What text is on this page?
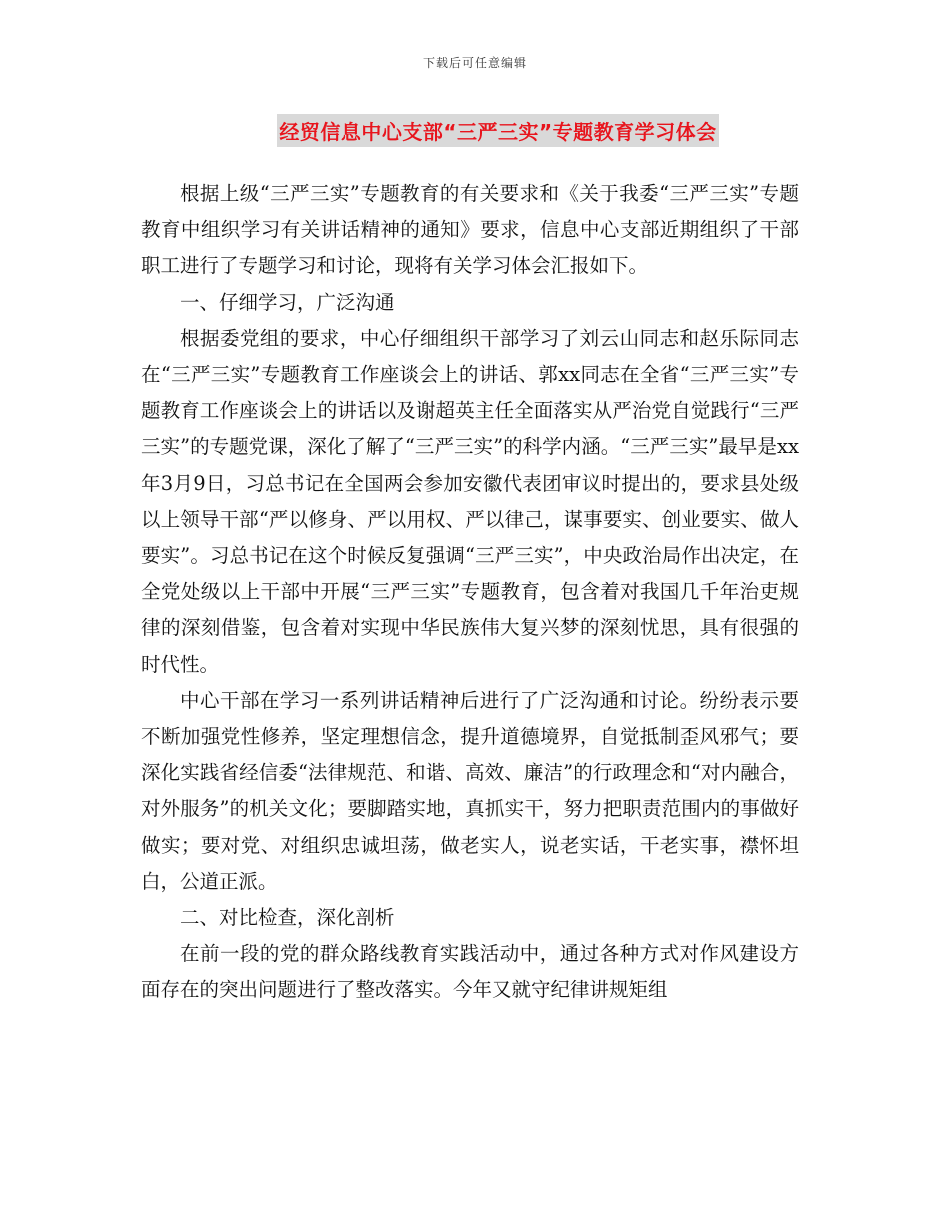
下载后可任意编辑
经贸信息中心支部“三严三实”专题教育学习体会

根据上级“三严三实”专题教育的有关要求和《关于我委“三严三实”专题教育中组织学习有关讲话精神的通知》要求，信息中心支部近期组织了干部职工进行了专题学习和讨论，现将有关学习体会汇报如下。

一、仔细学习，广泛沟通

根据委党组的要求，中心仔细组织干部学习了刘云山同志和赵乐际同志在“三严三实”专题教育工作座谈会上的讲话、郭xx同志在全省“三严三实”专题教育工作座谈会上的讲话以及谢超英主任全面落实从严治党自觉践行“三严三实”的专题党课，深化了解了“三严三实”的科学内涵。“三严三实”最早是xx年3月9日，习总书记在全国两会参加安徽代表团审议时提出的，要求县处级以上领导干部“严以修身、严以用权、严以律己，谋事要实、创业要实、做人要实”。习总书记在这个时候反复强调“三严三实”，中央政治局作出决定，在全党处级以上干部中开展“三严三实”专题教育，包含着对我国几千年治吏规律的深刻借鉴，包含着对实现中华民族伟大复兴梦的深刻忧思，具有很强的时代性。

中心干部在学习一系列讲话精神后进行了广泛沟通和讨论。纷纷表示要不断加强党性修养，坚定理想信念，提升道德境界，自觉抵制歪风邪气；要深化实践省经信委“法律规范、和谐、高效、廉洁”的行政理念和“对内融合，对外服务”的机关文化；要脚踏实地，真抓实干，努力把职责范围内的事做好做实；要对党、对组织忠诚坦荡，做老实人，说老实话，干老实事，襟怀坦白，公道正派。

二、对比检查，深化剖析

在前一段的党的群众路线教育实践活动中，通过各种方式对作风建设方面存在的突出问题进行了整改落实。今年又就守纪律讲规矩组
